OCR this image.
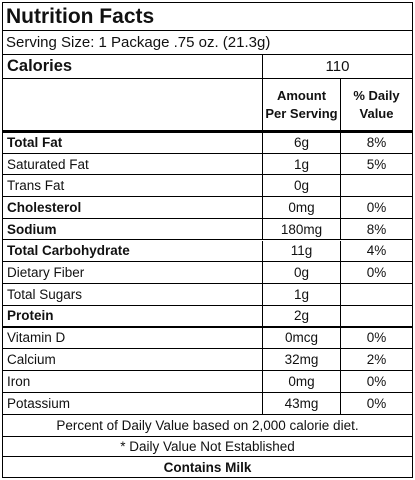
Nutrition Facts
Serving Size: 1 Package .75 oz. (21.3g)
Calories	110
Amount
Per Serving
% Daily
Value
Total Fat	6g	8%
Saturated Fat	1g	5%
Trans Fat	0g
Cholesterol	0mg	0%
Sodium	180mg	8%
Total Carbohydrate	11g	4%
Dietary Fiber	0g	0%
Total Sugars	1g
Protein	2g
Vitamin D	0mcg	0%
Calcium	32mg	2%
Iron	0mg	0%
Potassium	43mg	0%
Percent of Daily Value based on 2,000 calorie diet.
* Daily Value Not Established
Contains Milk
